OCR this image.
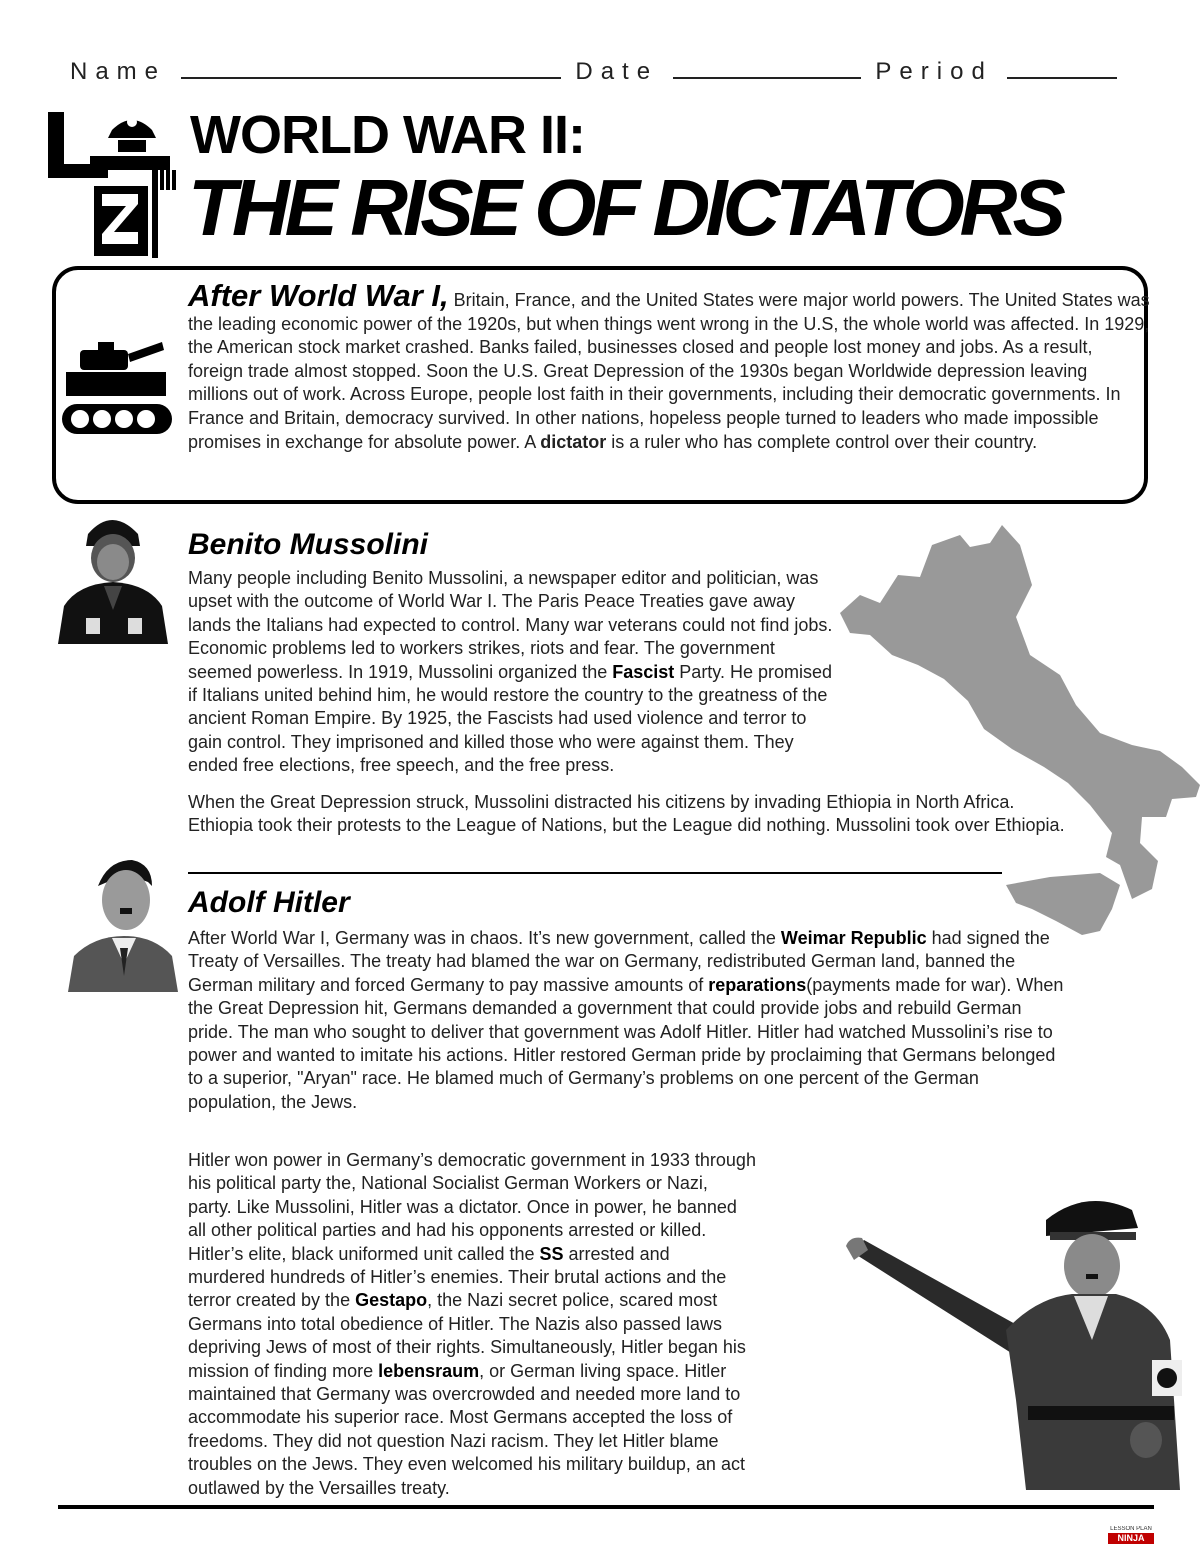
Name	Date	Period
WORLD WAR II:
THE RISE OF DICTATORS
After World War I, Britain, France, and the United States were major world powers. The United States was the leading economic power of the 1920s, but when things went wrong in the U.S, the whole world was affected. In 1929, the American stock market crashed. Banks failed, businesses closed and people lost money and jobs. As a result, foreign trade almost stopped. Soon the U.S. Great Depression of the 1930s began Worldwide depression leaving millions out of work. Across Europe, people lost faith in their governments, including their democratic governments. In France and Britain, democracy survived. In other nations, hopeless people turned to leaders who made impossible promises in exchange for absolute power. A dictator is a ruler who has complete control over their country.
Benito Mussolini
Many people including Benito Mussolini, a newspaper editor and politician, was upset with the outcome of World War I. The Paris Peace Treaties gave away lands the Italians had expected to control. Many war veterans could not find jobs. Economic problems led to workers strikes, riots and fear. The government seemed powerless. In 1919, Mussolini organized the Fascist Party. He promised if Italians united behind him, he would restore the country to the greatness of the ancient Roman Empire. By 1925, the Fascists had used violence and terror to gain control. They imprisoned and killed those who were against them. They ended free elections, free speech, and the free press.
When the Great Depression struck, Mussolini distracted his citizens by invading Ethiopia in North Africa. Ethiopia took their protests to the League of Nations, but the League did nothing. Mussolini took over Ethiopia.
Adolf Hitler
After World War I, Germany was in chaos. It’s new government, called the Weimar Republic had signed the Treaty of Versailles. The treaty had blamed the war on Germany, redistributed German land, banned the German military and forced Germany to pay massive amounts of reparations(payments made for war). When the Great Depression hit, Germans demanded a government that could provide jobs and rebuild German pride. The man who sought to deliver that government was Adolf Hitler. Hitler had watched Mussolini’s rise to power and wanted to imitate his actions. Hitler restored German pride by proclaiming that Germans belonged to a superior, "Aryan" race. He blamed much of Germany’s problems on one percent of the German population, the Jews.
Hitler won power in Germany’s democratic government in 1933 through his political party the, National Socialist German Workers or Nazi, party. Like Mussolini, Hitler was a dictator. Once in power, he banned all other political parties and had his opponents arrested or killed. Hitler’s elite, black uniformed unit called the SS arrested and murdered hundreds of Hitler’s enemies. Their brutal actions and the terror created by the Gestapo, the Nazi secret police, scared most Germans into total obedience of Hitler. The Nazis also passed laws depriving Jews of most of their rights. Simultaneously, Hitler began his mission of finding more lebensraum, or German living space. Hitler maintained that Germany was overcrowded and needed more land to accommodate his superior race. Most Germans accepted the loss of freedoms. They did not question Nazi racism. They let Hitler blame troubles on the Jews. They even welcomed his military buildup, an act outlawed by the Versailles treaty.
LESSON PLAN
NINJA
